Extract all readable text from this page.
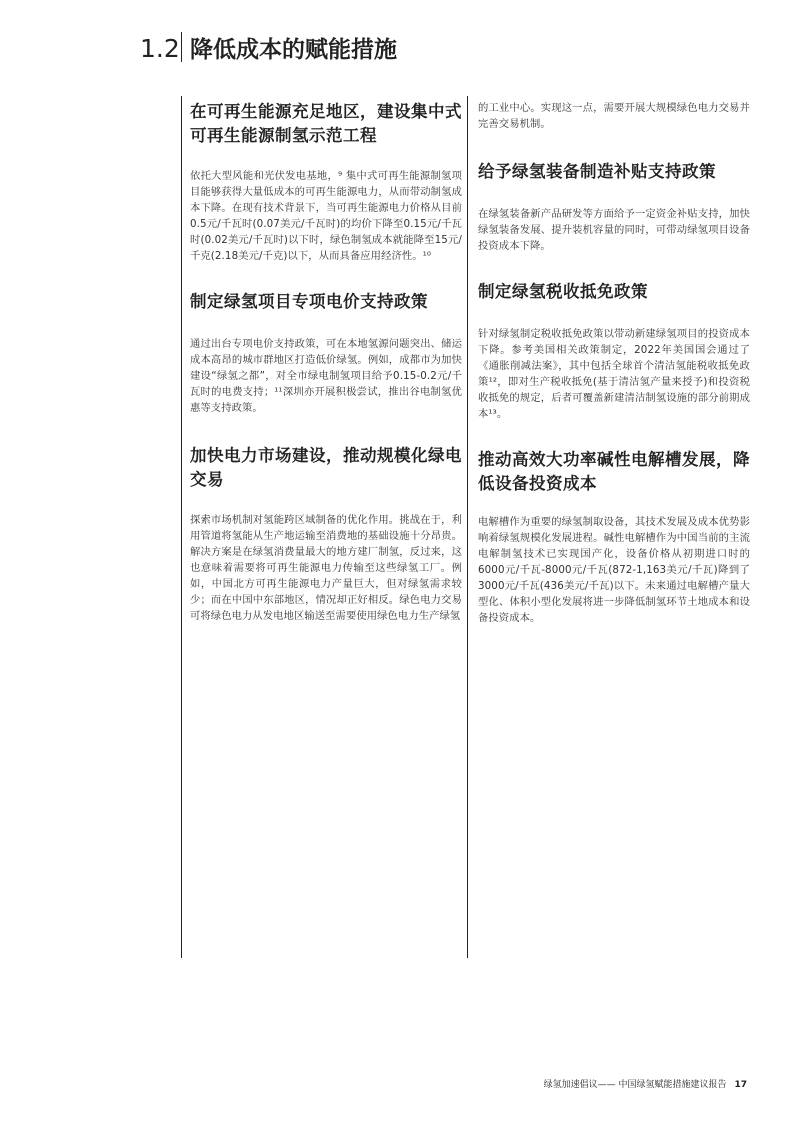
1.2 降低成本的赋能措施
在可再生能源充足地区，建设集中式可再生能源制氢示范工程

依托大型风能和光伏发电基地，⁹ 集中式可再生能源制氢项目能够获得大量低成本的可再生能源电力，从而带动制氢成本下降。在现有技术背景下，当可再生能源电力价格从目前0.5元/千瓦时(0.07美元/千瓦时)的均价下降至0.15元/千瓦时(0.02美元/千瓦时)以下时，绿色制氢成本就能降至15元/千克(2.18美元/千克)以下，从而具备应用经济性。¹⁰

制定绿氢项目专项电价支持政策

通过出台专项电价支持政策，可在本地氢源问题突出、储运成本高昂的城市群地区打造低价绿氢。例如，成都市为加快建设“绿氢之都”，对全市绿电制氢项目给予0.15-0.2元/千瓦时的电费支持；¹¹深圳亦开展积极尝试，推出谷电制氢优惠等支持政策。

加快电力市场建设，推动规模化绿电交易

探索市场机制对氢能跨区域制备的优化作用。挑战在于，利用管道将氢能从生产地运输至消费地的基础设施十分昂贵。解决方案是在绿氢消费量最大的地方建厂制氢，反过来，这也意味着需要将可再生能源电力传输至这些绿氢工厂。例如，中国北方可再生能源电力产量巨大，但对绿氢需求较少；而在中国中东部地区，情况却正好相反。绿色电力交易可将绿色电力从发电地区输送至需要使用绿色电力生产绿氢

的工业中心。实现这一点，需要开展大规模绿色电力交易并完善交易机制。

给予绿氢装备制造补贴支持政策

在绿氢装备新产品研发等方面给予一定资金补贴支持，加快绿氢装备发展、提升装机容量的同时，可带动绿氢项目设备投资成本下降。

制定绿氢税收抵免政策

针对绿氢制定税收抵免政策以带动新建绿氢项目的投资成本下降。参考美国相关政策制定，2022年美国国会通过了《通胀削减法案》，其中包括全球首个清洁氢能税收抵免政策¹²，即对生产税收抵免(基于清洁氢产量来授予)和投资税收抵免的规定，后者可覆盖新建清洁制氢设施的部分前期成本¹³。

推动高效大功率碱性电解槽发展，降低设备投资成本

电解槽作为重要的绿氢制取设备，其技术发展及成本优势影响着绿氢规模化发展进程。碱性电解槽作为中国当前的主流电解制氢技术已实现国产化，设备价格从初期进口时的6000元/千瓦-8000元/千瓦(872-1,163美元/千瓦)降到了3000元/千瓦(436美元/千瓦)以下。未来通过电解槽产量大型化、体积小型化发展将进一步降低制氢环节土地成本和设备投资成本。

绿氢加速倡议—— 中国绿氢赋能措施建议报告 17
